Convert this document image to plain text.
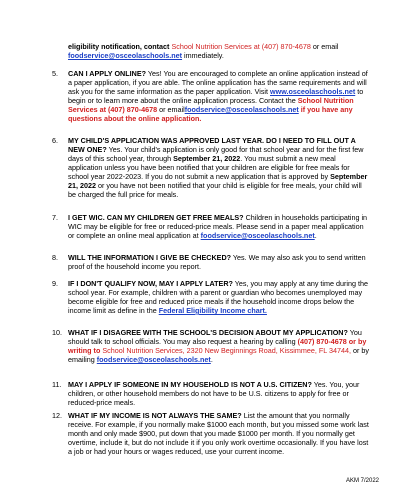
eligibility notification, contact School Nutrition Services at (407) 870-4678 or email foodservice@osceolaschools.net immediately.
5.	CAN I APPLY ONLINE? Yes! You are encouraged to complete an online application instead of a paper application, if you are able. The online application has the same requirements and will ask you for the same information as the paper application. Visit www.osceolaschools.net to begin or to learn more about the online application process. Contact the School Nutrition Services at (407) 870-4678 or emailfoodservice@osceolaschools.net if you have any questions about the online application.
6.	MY CHILD'S APPLICATION WAS APPROVED LAST YEAR. DO I NEED TO FILL OUT A NEW ONE? Yes. Your child's application is only good for that school year and for the first few days of this school year, through September 21, 2022. You must submit a new meal application unless you have been notified that your children are eligible for free meals for school year 2022-2023. If you do not submit a new application that is approved by September 21, 2022 or you have not been notified that your child is eligible for free meals, your child will be charged the full price for meals.
7.	I GET WIC. CAN MY CHILDREN GET FREE MEALS? Children in households participating in WIC may be eligible for free or reduced-price meals. Please send in a paper meal application or complete an online meal application at foodservice@osceolaschools.net.
8.	WILL THE INFORMATION I GIVE BE CHECKED? Yes. We may also ask you to send written proof of the household income you report.
9.	IF I DON'T QUALIFY NOW, MAY I APPLY LATER? Yes, you may apply at any time during the school year. For example, children with a parent or guardian who becomes unemployed may become eligible for free and reduced price meals if the household income drops below the income limit as define in the Federal Eligibility Income chart.
10. WHAT IF I DISAGREE WITH THE SCHOOL'S DECISION ABOUT MY APPLICATION? You should talk to school officials. You may also request a hearing by calling (407) 870-4678 or by writing to School Nutrition Services, 2320 New Beginnings Road, Kissimmee, FL 34744, or by emailing foodservice@osceolaschools.net.
11. MAY I APPLY IF SOMEONE IN MY HOUSEHOLD IS NOT A U.S. CITIZEN? Yes. You, your children, or other household members do not have to be U.S. citizens to apply for free or reduced-price meals.
12. WHAT IF MY INCOME IS NOT ALWAYS THE SAME? List the amount that you normally receive. For example, if you normally make $1000 each month, but you missed some work last month and only made $900, put down that you made $1000 per month. If you normally get overtime, include it, but do not include it if you only work overtime occasionally. If you have lost a job or had your hours or wages reduced, use your current income.
AKM 7/2022
